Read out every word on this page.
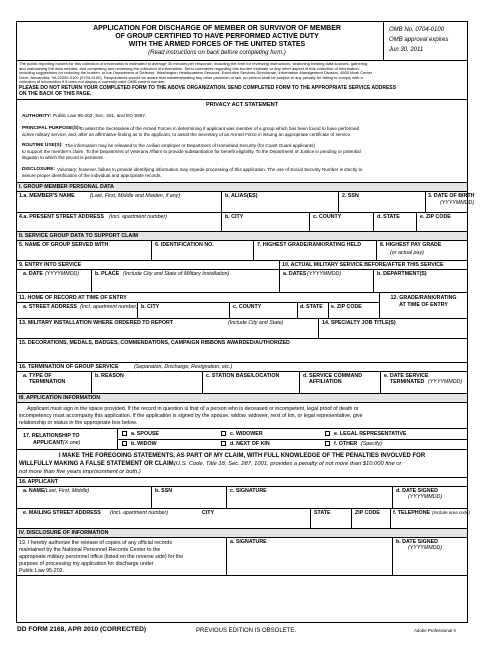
APPLICATION FOR DISCHARGE OF MEMBER OR SURVIVOR OF MEMBER
OF GROUP CERTIFIED TO HAVE PERFORMED ACTIVE DUTY
WITH THE ARMED FORCES OF THE UNITED STATES
(Read instructions on back before completing form.)
OMB No. 0704-0100
OMB approval expires
Jun 30, 2011
The public reporting burden for this collection of information is estimated to average 30 minutes per response, including the time for reviewing instructions, searching existing data sources, gathering
and maintaining the data needed, and completing and reviewing the collection of information. Send comments regarding this burden estimate or any other aspect of this collection of information,
including suggestions for reducing the burden, to the Department of Defense, Washington Headquarters Services, Executive Services Directorate, Information Management Division, 4800 Mark Center
Drive, Alexandria, VA 22350-3100 (0704-0100). Respondents should be aware that notwithstanding any other provision of law, no person shall be subject to any penalty for failing to comply with a
collection of information if it does not display a currently valid OMB control number.
PLEASE DO NOT RETURN YOUR COMPLETED FORM TO THE ABOVE ORGANIZATION. SEND COMPLETED FORM TO THE APPROPRIATE SERVICE ADDRESS
ON THE BACK OF THIS PAGE.
PRIVACY ACT STATEMENT
AUTHORITY: Public Law 95-202, Sec. 401, and EO 9397.
PRINCIPAL PURPOSE(S):
To assist the Secretaries of the Armed Forces in determining if applicant was member of a group which has been found to have performed
active military service, and, after an affirmative finding as to the applicant, to assist the Secretary of an Armed Force in issuing an appropriate certificate of service.
ROUTINE USE(S): The information may be released to the civilian employer or Department of Homeland Security (for Coast Guard applicants)
to support the member's claim. To the Department of Veterans Affairs to provide substantiation for benefit eligibility. To the Department of Justice in pending or potential
litigation to which the record is pertinent.
DISCLOSURE: Voluntary; however, failure to provide identifying information may impede processing of this application. The use of Social Security Number is strictly to
assure proper identification of the individual and appropriate records.
I. GROUP MEMBER PERSONAL DATA
1.a. MEMBER'S NAME	(Last, First, Middle and Maiden, if any)	b. ALIAS(ES)	2. SSN	3. DATE OF BIRTH
(YYYYMMDD)
4.a. PRESENT STREET ADDRESS (Incl. apartment number)	b. CITY	c. COUNTY	d. STATE	e. ZIP CODE
II. SERVICE GROUP DATA TO SUPPORT CLAIM
5. NAME OF GROUP SERVED WITH	6. IDENTIFICATION NO.	7. HIGHEST GRADE/RANK/RATING HELD	8. HIGHEST PAY GRADE
(or actual pay)
9. ENTRY INTO SERVICE	10. ACTUAL MILITARY SERVICE BEFORE/AFTER THIS SERVICE
a. DATE (YYYYMMDD)	b. PLACE (Include City and State of Military Installation)	a. DATES (YYYYMMDD)	b. DEPARTMENT(S)
11. HOME OF RECORD AT TIME OF ENTRY	12. GRADE/RANK/RATING
AT TIME OF ENTRY
a. STREET ADDRESS (Incl. apartment number) b. CITY	c. COUNTY	d. STATE e. ZIP CODE
13. MILITARY INSTALLATION WHERE ORDERED TO REPORT	(Include City and State)	14. SPECIALTY JOB TITLE(S)
15. DECORATIONS, MEDALS, BADGES, COMMENDATIONS, CAMPAIGN RIBBONS AWARDED/AUTHORIZED
16. TERMINATION OF GROUP SERVICE	(Separation, Discharge, Resignation, etc.)
a. TYPE OF
TERMINATION
b. REASON	c. STATION BASE/LOCATION	d. SERVICE COMMAND
AFFILIATION
e. DATE SERVICE
TERMINATED (YYYYMMDD)
III. APPLICATION INFORMATION
Applicant must sign in the space provided. If the record in question is that of a person who is deceased or incompetent, legal proof of death or
incompetency must accompany this application. If the application is signed by the spouse, widow, widower, next of kin, or legal representative, give
relationship or status in the appropriate box below.
17. RELATIONSHIP TO
APPLICANT (X one)
a. SPOUSE
b. WIDOW
c. WIDOWER
d. NEXT OF KIN
e. LEGAL REPRESENTATIVE
f. OTHER (Specify)
I MAKE THE FOREGOING STATEMENTS, AS PART OF MY CLAIM, WITH FULL KNOWLEDGE OF THE PENALTIES INVOLVED FOR
WILLFULLY MAKING A FALSE STATEMENT OR CLAIM.
(U.S. Code, Title 18, Sec. 287, 1001, provides a penalty of not more than $10,000 fine or
not more than five years imprisonment or both.)
18. APPLICANT
a. NAME (Last, First, Middle)	b. SSN	c. SIGNATURE	d. DATE SIGNED
(YYYYMMDD)
e. MAILING STREET ADDRESS (Incl. apartment number)	CITY	STATE	ZIP CODE f. TELEPHONE (Include area code)
IV. DISCLOSURE OF INFORMATION
19. I hereby authorize the release of copies of any official records
maintained by the National Personnel Records Center to the
appropriate military personnel office (listed on the reverse side) for the
purpose of processing my application for discharge under
Public Law 95-202.
a. SIGNATURE	b. DATE SIGNED
(YYYYMMDD)
DD FORM 2168, APR 2010 (CORRECTED)	PREVIOUS EDITION IS OBSOLETE.	Adobe Professional X
